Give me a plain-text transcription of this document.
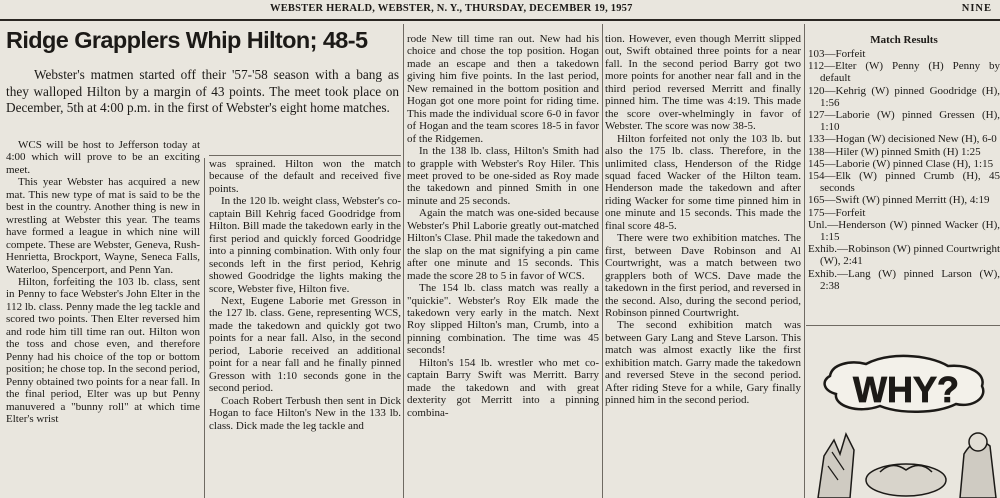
WEBSTER HERALD, WEBSTER, N. Y., THURSDAY, DECEMBER 19, 1957	NINE
Ridge Grapplers Whip Hilton; 48-5

Webster's matmen started off their '57-'58 season with a bang as they walloped Hilton by a margin of 43 points. The meet took place on December, 5th at 4:00 p.m. in the first of Webster's eight home matches.

WCS will be host to Jefferson today at 4:00 which will prove to be an exciting meet.

This year Webster has acquired a new mat. This new type of mat is said to be the best in the country. Another thing is new in wrestling at Webster this year. The teams have formed a league in which nine will compete. These are Webster, Geneva, Rush-Henrietta, Brockport, Wayne, Seneca Falls, Waterloo, Spencerport, and Penn Yan.

Hilton, forfeiting the 103 lb. class, sent in Penny to face Webster's John Elter in the 112 lb. class. Penny made the leg tackle and scored two points. Then Elter reversed him and rode him till time ran out. Hilton won the toss and chose even, and therefore Penny had his choice of the top or bottom position; he chose top. In the second period, Penny obtained two points for a near fall. In the final period, Elter was up but Penny manuvered a "bunny roll" at which time Elter's wrist

was sprained. Hilton won the match because of the default and received five points.

In the 120 lb. weight class, Webster's co-captain Bill Kehrig faced Goodridge from Hilton. Bill made the takedown early in the first period and quickly forced Goodridge into a pinning combination. With only four seconds left in the first period, Kehrig showed Goodridge the lights making the score, Webster five, Hilton five.

Next, Eugene Laborie met Gresson in the 127 lb. class. Gene, representing WCS, made the takedown and quickly got two points for a near fall. Also, in the second period, Laborie received an additional point for a near fall and he finally pinned Gresson with 1:10 seconds gone in the second period.

Coach Robert Terbush then sent in Dick Hogan to face Hilton's New in the 133 lb. class. Dick made the leg tackle and

rode New till time ran out. New had his choice and chose the top position. Hogan made an escape and then a takedown giving him five points. In the last period, New remained in the bottom position and Hogan got one more point for riding time. This made the individual score 6-0 in favor of Hogan and the team scores 18-5 in favor of the Ridgemen.

In the 138 lb. class, Hilton's Smith had to grapple with Webster's Roy Hiler. This meet proved to be one-sided as Roy made the takedown and pinned Smith in one minute and 25 seconds.

Again the match was one-sided because Webster's Phil Laborie greatly out-matched Hilton's Clase. Phil made the takedown and the slap on the mat signifying a pin came after one minute and 15 seconds. This made the score 28 to 5 in favor of WCS.

The 154 lb. class match was really a "quickie". Webster's Roy Elk made the takedown very early in the match. Next Roy slipped Hilton's man, Crumb, into a pinning combination. The time was 45 seconds!

Hilton's 154 lb. wrestler who met co-captain Barry Swift was Merritt. Barry made the takedown and with great dexterity got Merritt into a pinning combina-

tion. However, even though Merritt slipped out, Swift obtained three points for a near fall. In the second period Barry got two more points for another near fall and in the third period reversed Merritt and finally pinned him. The time was 4:19. This made the score over-whelmingly in favor of Webster. The score was now 38-5.

Hilton forfeited not only the 103 lb. but also the 175 lb. class. Therefore, in the unlimited class, Henderson of the Ridge squad faced Wacker of the Hilton team. Henderson made the takedown and after riding Wacker for some time pinned him in one minute and 15 seconds. This made the final score 48-5.

There were two exhibition matches. The first, between Dave Robinson and Al Courtwright, was a match between two grapplers both of WCS. Dave made the takedown in the first period, and reversed in the second. Also, during the second period, Robinson pinned Courtwright.

The second exhibition match was between Gary Lang and Steve Larson. This match was almost exactly like the first exhibition match. Garry made the takedown and reversed Steve in the second period. After riding Steve for a while, Gary finally pinned him in the second period.

Match Results
103—Forfeit
112—Elter (W) Penny (H) Penny by default
120—Kehrig (W) pinned Goodridge (H), 1:56
127—Laborie (W) pinned Gressen (H), 1:10
133—Hogan (W) decisioned New (H), 6-0
138—Hiler (W) pinned Smith (H) 1:25
145—Laborie (W) pinned Clase (H), 1:15
154—Elk (W) pinned Crumb (H), 45 seconds
165—Swift (W) pinned Merritt (H), 4:19
175—Forfeit
Unl.—Henderson (W) pinned Wacker (H), 1:15
Exhib.—Robinson (W) pinned Courtwright (W), 2:41
Exhib.—Lang (W) pinned Larson (W), 2:38
WHY?
